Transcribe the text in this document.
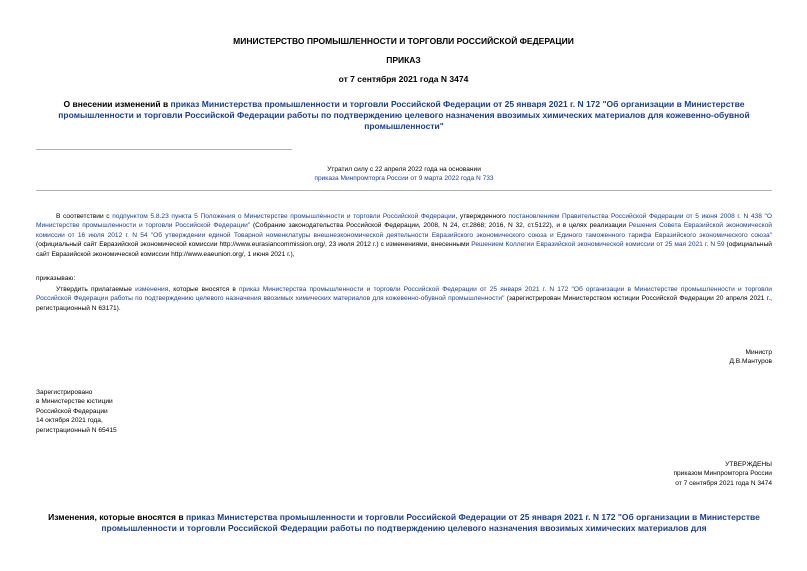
МИНИСТЕРСТВО ПРОМЫШЛЕННОСТИ И ТОРГОВЛИ РОССИЙСКОЙ ФЕДЕРАЦИИ
ПРИКАЗ
от 7 сентября 2021 года N 3474
О внесении изменений в приказ Министерства промышленности и торговли Российской Федерации от 25 января 2021 г. N 172 "Об организации в Министерстве промышленности и торговли Российской Федерации работы по подтверждению целевого назначения ввозимых химических материалов для кожевенно-обувной промышленности"

Утратил силу с 22 апреля 2022 года на основании

приказа Минпромторга России от 9 марта 2022 года N 733

В соответствии с подпунктом 5.8.23 пункта 5 Положения о Министерстве промышленности и торговли Российской Федерации, утвержденного постановлением Правительства Российской Федерации от 5 июня 2008 г. N 438 "О Министерстве промышленности и торговли Российской Федерации" (Собрание законодательства Российской Федерации, 2008, N 24, ст.2868; 2016, N 32, ст.5122), и в целях реализации Решения Совета Евразийской экономической комиссии от 16 июля 2012 г. N 54 "Об утверждении единой Товарной номенклатуры внешнеэкономической деятельности Евразийского экономического союза и Единого таможенного тарифа Евразийского экономического союза" (официальный сайт Евразийской экономической комиссии http://www.eurasiancommission.org/, 23 июля 2012 г.) с изменениями, внесенными Решением Коллегии Евразийской экономической комиссии от 25 мая 2021 г. N 59 (официальный сайт Евразийской экономической комиссии http://www.eaeunion.org/, 1 июня 2021 г.),
приказываю:
Утвердить прилагаемые изменения, которые вносятся в приказ Министерства промышленности и торговли Российской Федерации от 25 января 2021 г. N 172 "Об организации в Министерстве промышленности и торговли Российской Федерации работы по подтверждению целевого назначения ввозимых химических материалов для кожевенно-обувной промышленности" (зарегистрирован Министерством юстиции Российской Федерации 20 апреля 2021 г., регистрационный N 63171).

Министр

Д.В.Мантуров

Зарегистрировано

в Министерстве юстиции

Российской Федерации

14 октября 2021 года,

регистрационный N 65415

УТВЕРЖДЕНЫ

приказом Минпромторга России

от 7 сентября 2021 года N 3474

Изменения, которые вносятся в приказ Министерства промышленности и торговли Российской Федерации от 25 января 2021 г. N 172 "Об организации в Министерстве промышленности и торговли Российской Федерации работы по подтверждению целевого назначения ввозимых химических материалов для
